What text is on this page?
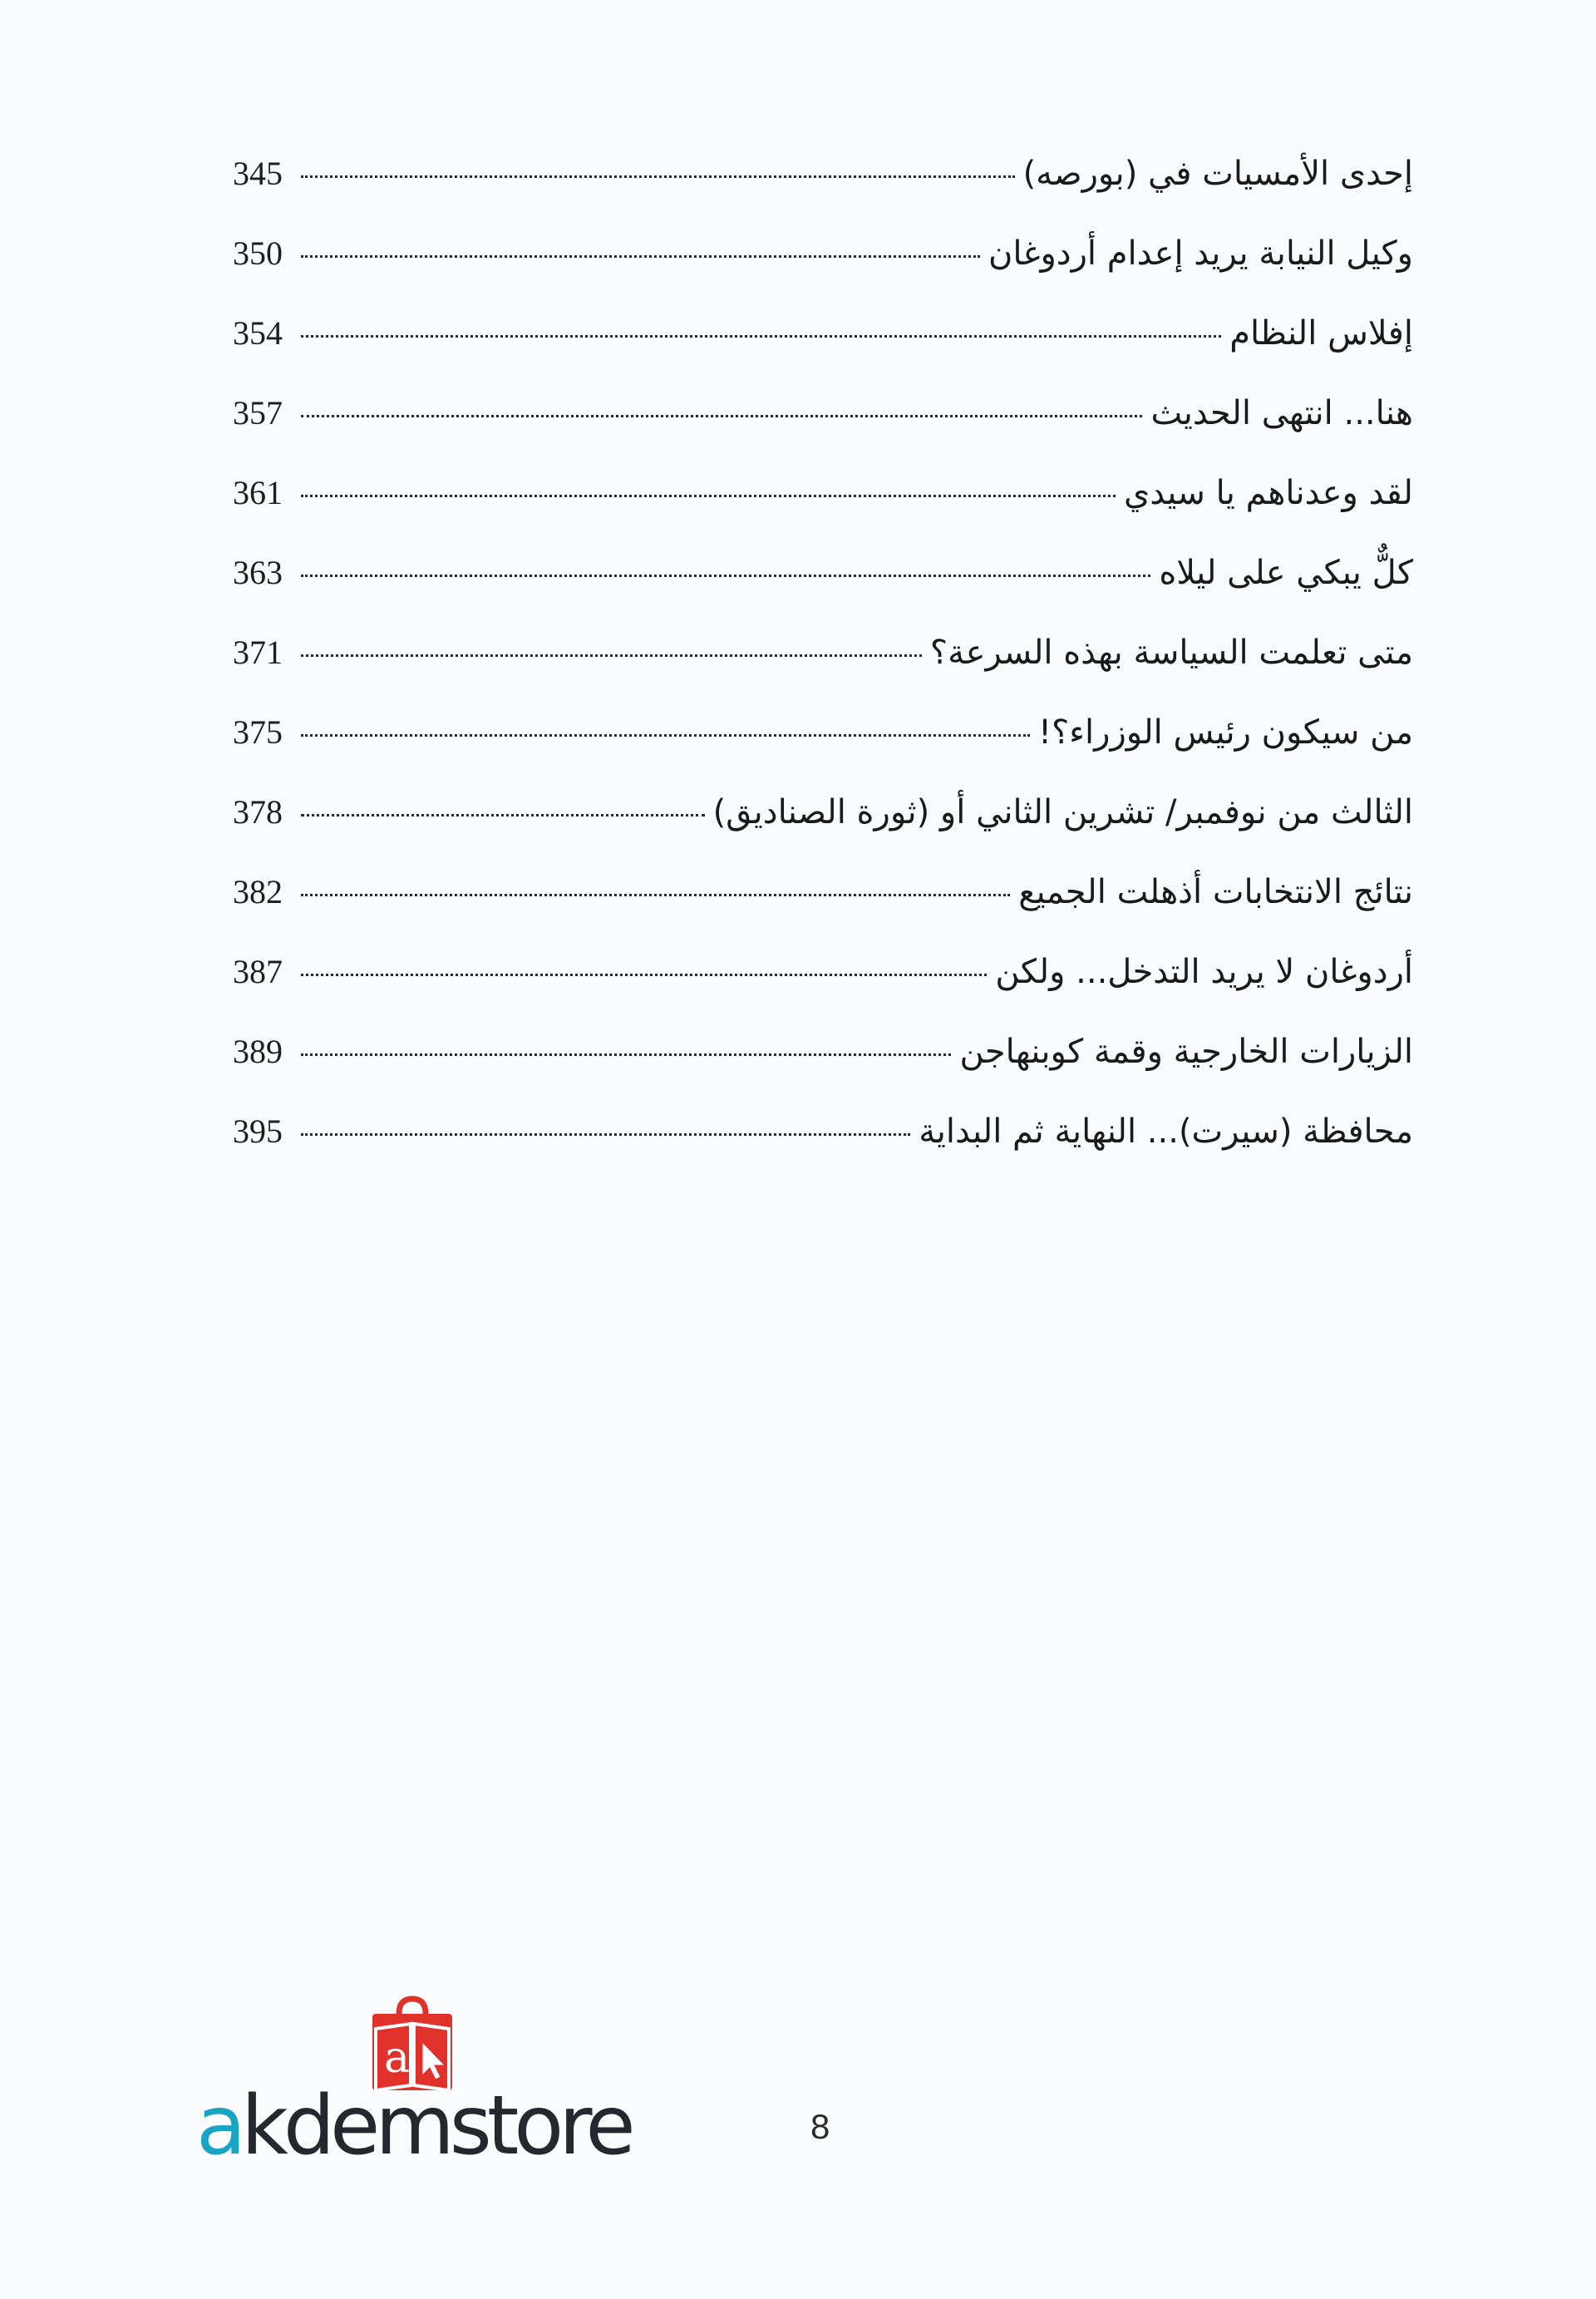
345	إحدى الأمسيات في (بورصه)
350	وكيل النيابة يريد إعدام أردوغان
354	إفلاس النظام
357	هنا... انتهى الحديث
361	لقد وعدناهم يا سيدي
363	كلٌّ يبكي على ليلاه
371	متى تعلمت السياسة بهذه السرعة؟
375	من سيكون رئيس الوزراء؟!
378	الثالث من نوفمبر/ تشرين الثاني أو (ثورة الصناديق)
382	نتائج الانتخابات أذهلت الجميع
387	أردوغان لا يريد التدخل... ولكن
389	الزيارات الخارجية وقمة كوبنهاجن
395	محافظة (سيرت)... النهاية ثم البداية
8
a
akdemstore
